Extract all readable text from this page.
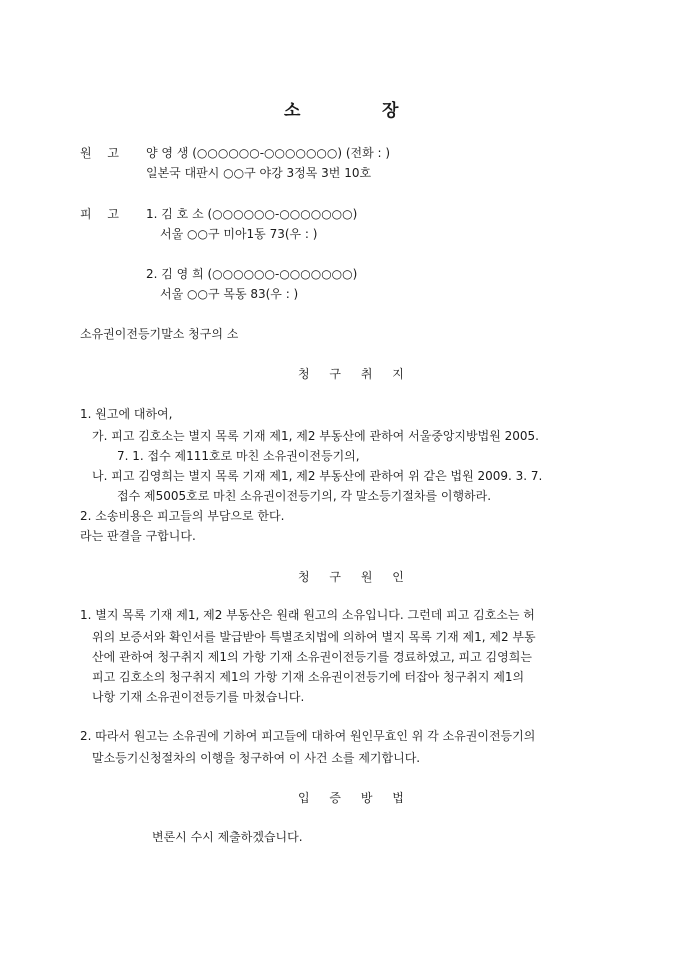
소	장
원 고 양 영 생 (○○○○○○-○○○○○○○) (전화 : )
일본국 대판시 ○○구 야강 3정목 3번 10호
피 고 1. 김 호 소 (○○○○○○-○○○○○○○)
서울 ○○구 미아1동 73(우 : )
2. 김 영 희 (○○○○○○-○○○○○○○)
서울 ○○구 목동 83(우 : )
소유권이전등기말소 청구의 소
청 구 취 지
1. 원고에 대하여,
가. 피고 김호소는 별지 목록 기재 제1, 제2 부동산에 관하여 서울중앙지방법원 2005.
7. 1. 접수 제111호로 마친 소유권이전등기의,
나. 피고 김영희는 별지 목록 기재 제1, 제2 부동산에 관하여 위 같은 법원 2009. 3. 7.
접수 제5005호로 마친 소유권이전등기의, 각 말소등기절차를 이행하라.
2. 소송비용은 피고들의 부담으로 한다.
라는 판결을 구합니다.
청 구 원 인
1. 별지 목록 기재 제1, 제2 부동산은 원래 원고의 소유입니다. 그런데 피고 김호소는 허
위의 보증서와 확인서를 발급받아 특별조치법에 의하여 별지 목록 기재 제1, 제2 부동
산에 관하여 청구취지 제1의 가항 기재 소유권이전등기를 경료하였고, 피고 김영희는
피고 김호소의 청구취지 제1의 가항 기재 소유권이전등기에 터잡아 청구취지 제1의
나항 기재 소유권이전등기를 마쳤습니다.
2. 따라서 원고는 소유권에 기하여 피고들에 대하여 원인무효인 위 각 소유권이전등기의
말소등기신청절차의 이행을 청구하여 이 사건 소를 제기합니다.
입 증 방 법
변론시 수시 제출하겠습니다.
